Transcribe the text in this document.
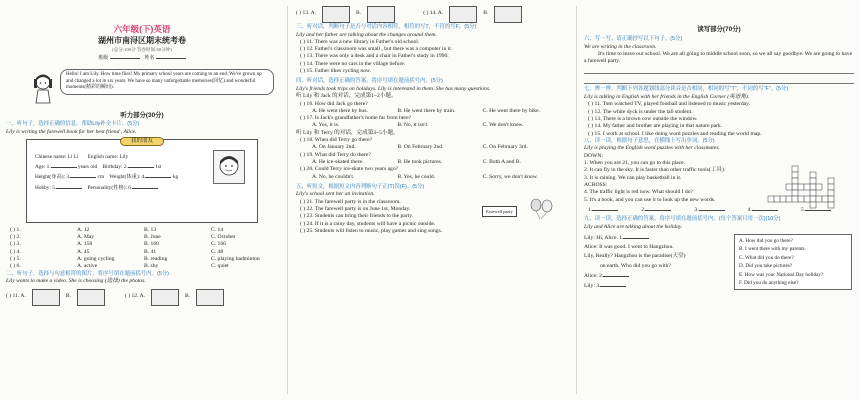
六年级(下)英语
湖州市南浔区期末统考卷
(总分:100分 答卷时间:60分钟)
班级	姓名
Hello! I am Lily. How time flies! My primary school years are coming to an end. We've grown up and changed a lot in six years. We have so many unforgettable memories(回忆) and wonderful moments(精彩的瞬间).
听力部分(30分)
一、听句子，选择正确的信息，帮助Lily补全卡片。(5分)
Lily is writing the farewell book for her best friend , Alice.
我的朋友
Chinese name: Li Li English name: Lily
Age: 1.	years old Birthday: 2.	1st
Height(身高): 3.	cm Weight(体重): 4.	kg
Hobby: 5.	Personality(性格): 6.
( ) 1.	A. 12	B. 13	C. 14
( ) 2.	A. May	B. June	C. October
( ) 3.	A. 158	B. 160	C. 166
( ) 4.	A. 45	B. 41	C. 48
( ) 5.	A. going cycling	B. reading	C. playing badminton
( ) 6.	A. active	B. shy	C. quiet
二、听句子，选择与句意相符的图片，将序号填在题前括号内。(5分)
Lily wants to make a video. She is choosing (选择) the photos.
( ) 11. A.	B.	( ) 12. A.	B.
( ) 13. A.	B.	( ) 14. A.	B.
三、听对话，判断句子是否与对话内容相符，相符的写T，不符的写F。(5分)
Lily and her father are talking about the changes around them.
( ) 11. There was a new library in Father's old school.
( ) 12. Father's classroom was small , but there was a computer in it.
( ) 13. There was only a desk and a chair in Father's study in 1990.
( ) 14. There were no cars in the village before.
( ) 15. Father likes cycling now.
四、听对话，选择正确的答案，将序号填在题前括号内。(5分)
Lily's friends took trips on holidays. Lily is interested in them. She has many questions.
听 Lily 和 Jack 的对话，完成第1~2小题。
( ) 16. How did Jack go there?
A. He went there by bus.	B. He went there by train.	C. He went there by bike.
( ) 17. Is Jack's grandfather's home far from here?
A. Yes, it is.	B. No, it isn't.	C. We don't know.
听 Lily 和 Terry 的对话，完成第3~5小题。
( ) 18. When did Terry go there?
A. On January 2nd.	B. On February 2nd.	C. On February 3rd.
( ) 19. What did Terry do there?
A. He ice-skated there.	B. He took pictures.	C. Both A and B.
( ) 20. Could Terry ice-skate two years ago?
A. No, he couldn't.	B. Yes, he could.	C. Sorry, we don't know.
五、听短文，根据短文内容判断句子正(T)误(F)。(5分)
Lily's school sent her an invitation.
Farewell party
( ) 21. The farewell party is in the classroom.
( ) 22. The farewell party is on June 1st, Monday.
( ) 23. Students can bring their friends to the party.
( ) 24. If it is a rainy day, students will have a picnic outside.
( ) 25. Students will listen to music, play games and sing songs.
读写部分(70分)
六、写一写。请正确抄写以下句子。(5分)
We are writing in the classroom.
It's time to leave our school. We are all going to middle school soon, so we all say goodbye. We are going to have a farewell party.
七、辨一辨。判断下列各题划线部分读音是否相同，相同的写"T"，不同的写"F"。(5分)
Lily is talking in English with her friends in the English Corner (英语角).
( ) 11. Tom watched TV, played football and listened to music yesterday.
( ) 12. The white dyck is under the tall student.
( ) 13. There is a brown cow outside the window.
( ) 14. My father and brother are playing in that nature park.
( ) 15. I work at school. I like doing word puzzles and reading the world map.
八、读一读，根据句子意思，在横线上写出单词。(5分)
Lily is playing the English word puzzles with her classmates.
DOWN:
1. When you are 21, you can go to this place.
2. It can fly in the sky. It is faster than other traffic tools(工具).
3. It is raining. We can play basketball in it.
ACROSS:
4. The traffic light is red now. What should I do?
5. It's a book, and you can use it to look up the new words.
1.	2.	3.	4.	5.
九、读一读，选择正确的答案，将序号填在题前括号内。(每个答案只用一次)(10分)
Lily and Alice are talking about the holiday.
Lily: Hi, Alice. 1.
Alice: It was good. I went to Hangzhou.
Lily, Really? Hangzhou is the paradise(天堂)
on earth. Who did you go with?
Alice: 2.
Lily: 3.
A. How did you go there?
B. I went there with my parents.
C. What did you do there?
D. Did you take pictures?
E. How was your National Day holiday?
F. Did you do anything else?
